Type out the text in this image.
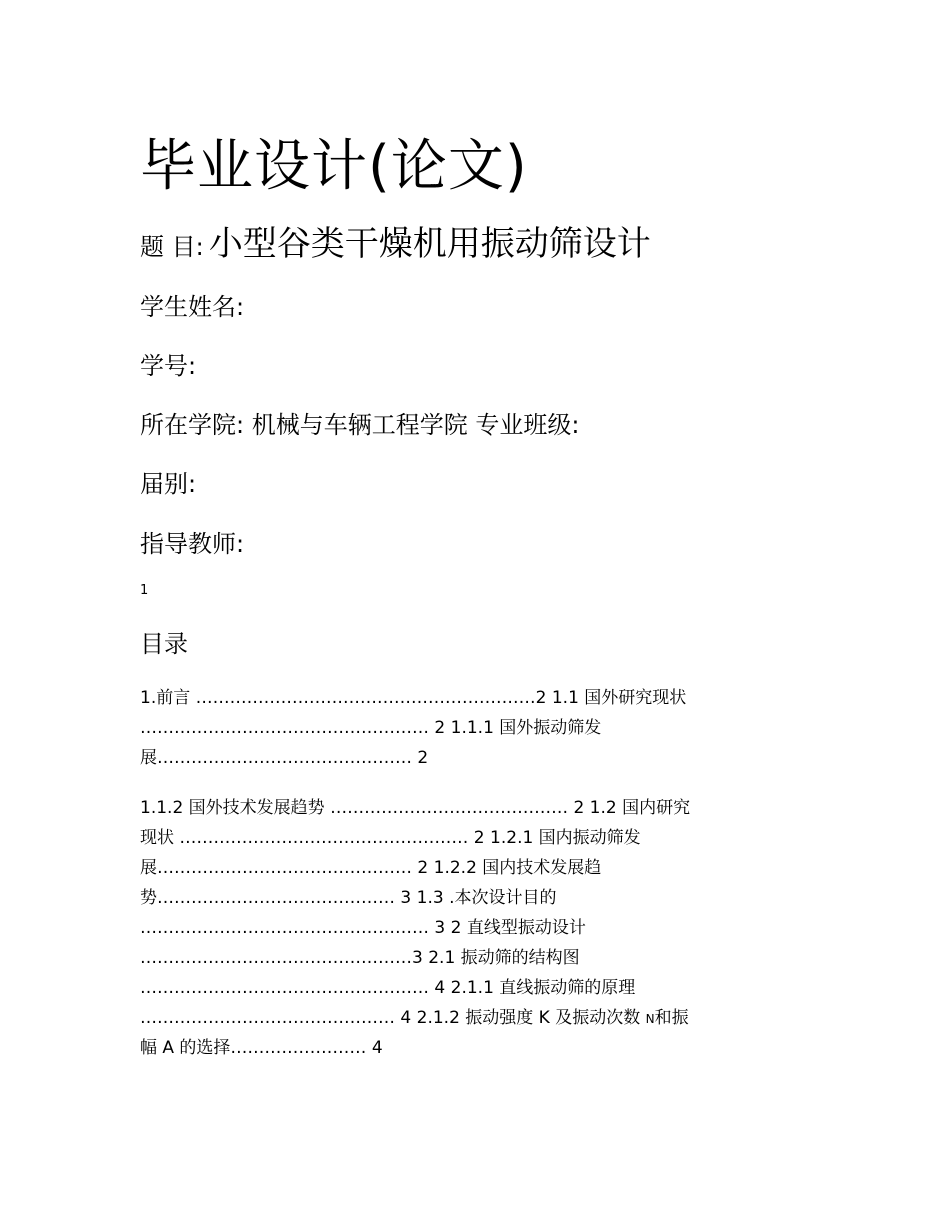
毕业设计(论文)
题 目: 小型谷类干燥机用振动筛设计
学生姓名:
学号:
所在学院: 机械与车辆工程学院 专业班级:
届别:
指导教师:
1
目录
1.前言 ……………………………………………………2 1.1 国外研究现状
…………………………………………… 2 1.1.1 国外振动筛发
展……………………………………… 2
1.1.2 国外技术发展趋势 …………………………………… 2 1.2 国内研究
现状 …………………………………………… 2 1.2.1 国内振动筛发
展……………………………………… 2 1.2.2 国内技术发展趋
势…………………………………… 3 1.3 .本次设计目的
…………………………………………… 3 2 直线型振动设计
…………………………………………3 2.1 振动筛的结构图
…………………………………………… 4 2.1.1 直线振动筛的原理
……………………………………… 4 2.1.2 振动强度 K 及振动次数 N和振
幅 A 的选择…………………… 4
